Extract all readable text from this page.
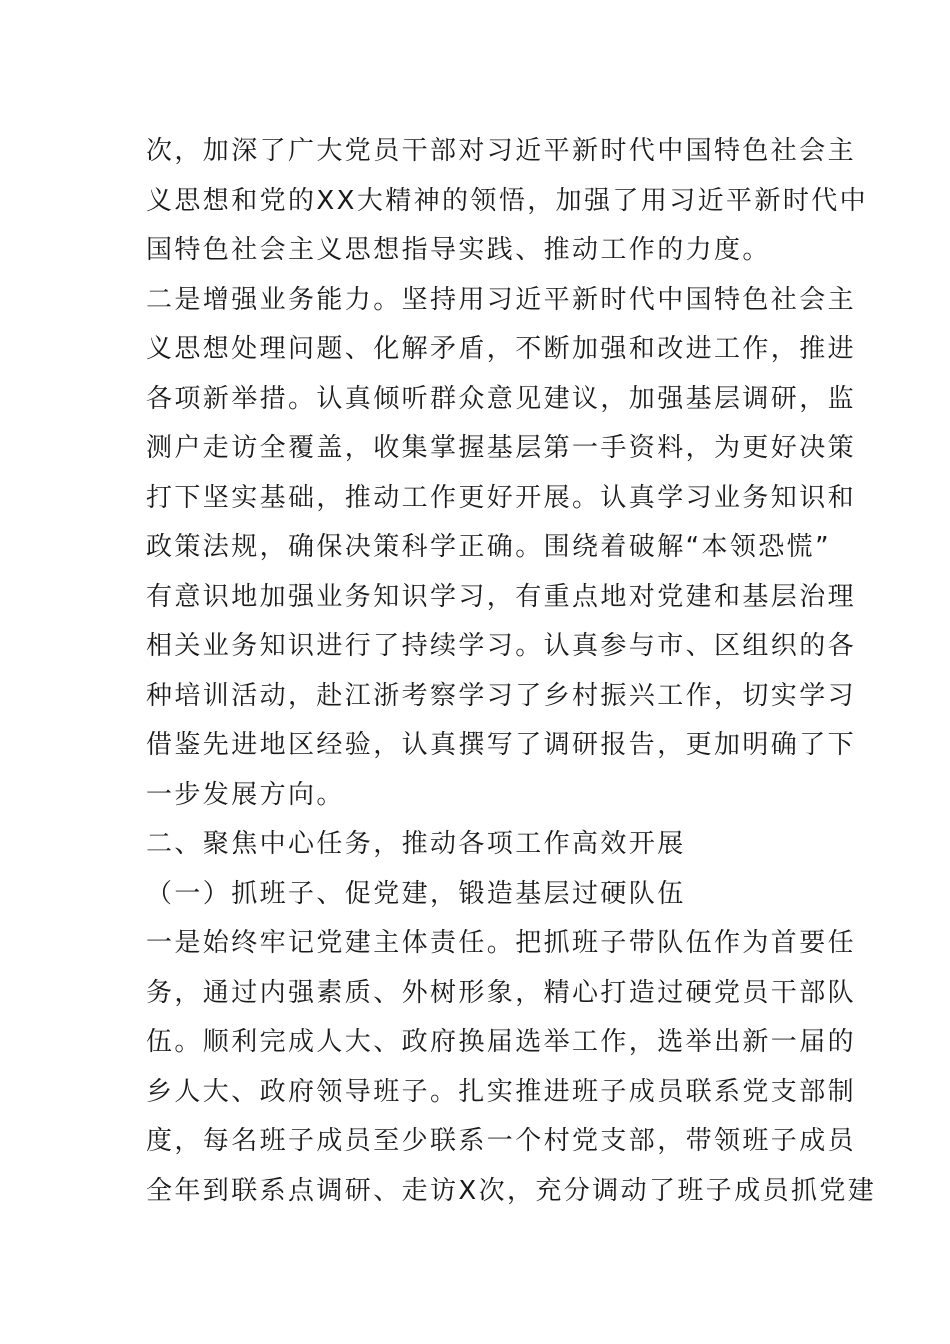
次，加深了广大党员干部对习近平新时代中国特色社会主
义思想和党的XX大精神的领悟，加强了用习近平新时代中
国特色社会主义思想指导实践、推动工作的力度。
二是增强业务能力。坚持用习近平新时代中国特色社会主
义思想处理问题、化解矛盾，不断加强和改进工作，推进
各项新举措。认真倾听群众意见建议，加强基层调研，监
测户走访全覆盖，收集掌握基层第一手资料，为更好决策
打下坚实基础，推动工作更好开展。认真学习业务知识和
政策法规，确保决策科学正确。围绕着破解“本领恐慌”
有意识地加强业务知识学习，有重点地对党建和基层治理
相关业务知识进行了持续学习。认真参与市、区组织的各
种培训活动，赴江浙考察学习了乡村振兴工作，切实学习
借鉴先进地区经验，认真撰写了调研报告，更加明确了下
一步发展方向。
二、聚焦中心任务，推动各项工作高效开展
（一）抓班子、促党建，锻造基层过硬队伍
一是始终牢记党建主体责任。把抓班子带队伍作为首要任
务，通过内强素质、外树形象，精心打造过硬党员干部队
伍。顺利完成人大、政府换届选举工作，选举出新一届的
乡人大、政府领导班子。扎实推进班子成员联系党支部制
度，每名班子成员至少联系一个村党支部，带领班子成员
全年到联系点调研、走访X次，充分调动了班子成员抓党建
